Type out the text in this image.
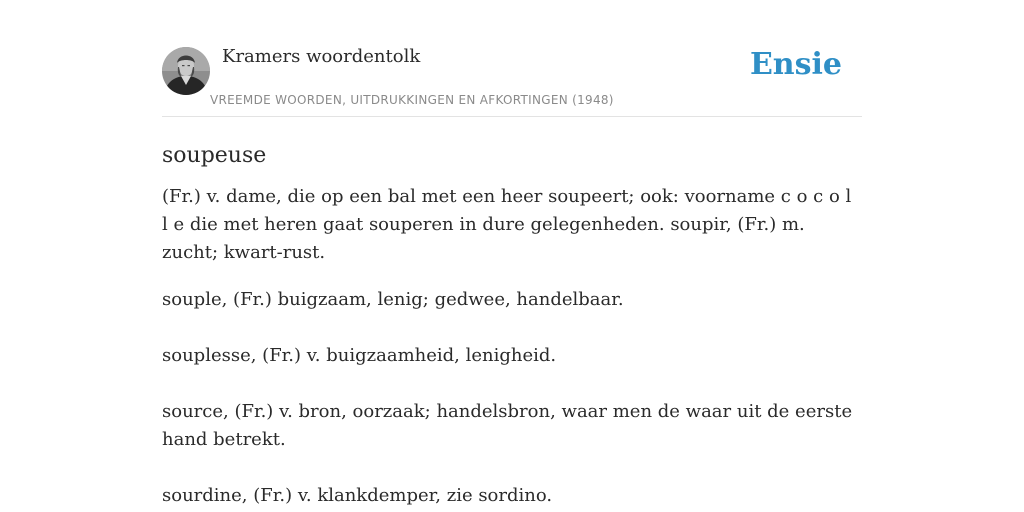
Kramers woordentolk
VREEMDE WOORDEN, UITDRUKKINGEN EN AFKORTINGEN (1948)
Ensie
soupeuse

(Fr.) v. dame, die op een bal met een heer soupeert; ook: voorname c o c o l l e die met heren gaat souperen in dure gelegenheden. soupir, (Fr.) m. zucht; kwart-rust.

souple, (Fr.) buigzaam, lenig; gedwee, handelbaar.

souplesse, (Fr.) v. buigzaamheid, lenigheid.

source, (Fr.) v. bron, oorzaak; handelsbron, waar men de waar uit de eerste hand betrekt.

sourdine, (Fr.) v. klankdemper, zie sordino.
